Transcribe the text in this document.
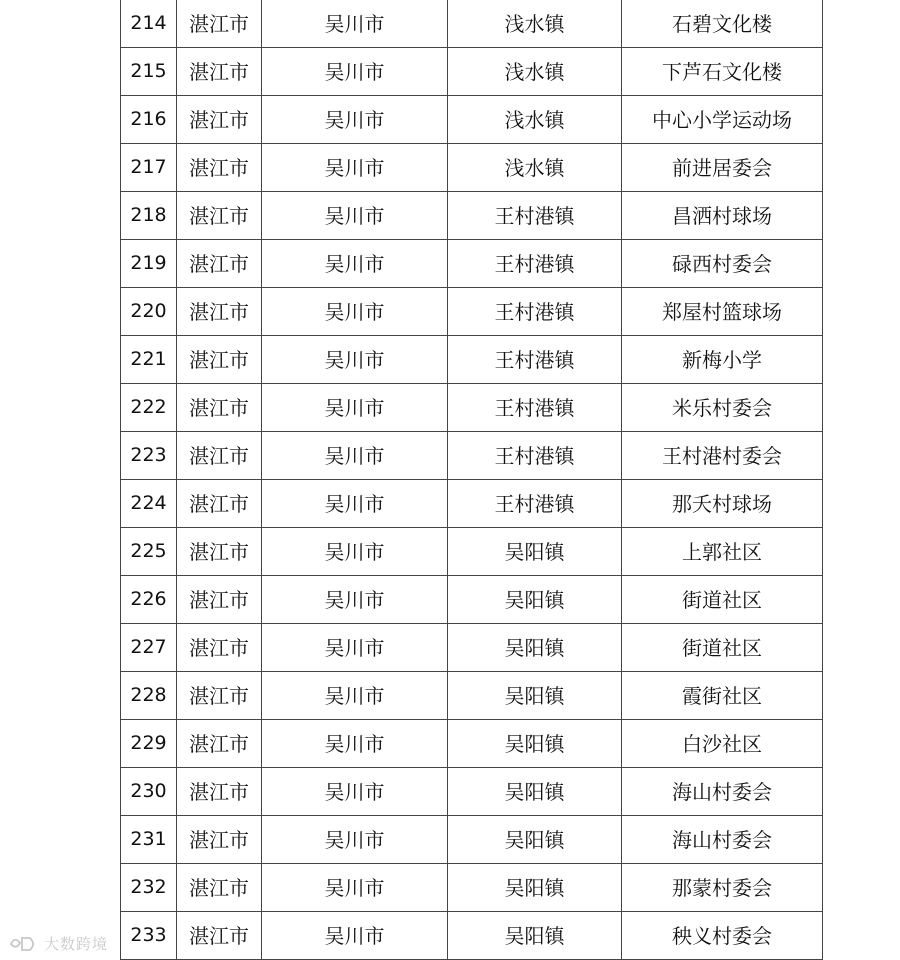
214	湛江市	吴川市	浅水镇	石碧文化楼
215	湛江市	吴川市	浅水镇	下芦石文化楼
216	湛江市	吴川市	浅水镇	中心小学运动场
217	湛江市	吴川市	浅水镇	前进居委会
218	湛江市	吴川市	王村港镇	昌洒村球场
219	湛江市	吴川市	王村港镇	碌西村委会
220	湛江市	吴川市	王村港镇	郑屋村篮球场
221	湛江市	吴川市	王村港镇	新梅小学
222	湛江市	吴川市	王村港镇	米乐村委会
223	湛江市	吴川市	王村港镇	王村港村委会
224	湛江市	吴川市	王村港镇	那夭村球场
225	湛江市	吴川市	吴阳镇	上郭社区
226	湛江市	吴川市	吴阳镇	街道社区
227	湛江市	吴川市	吴阳镇	街道社区
228	湛江市	吴川市	吴阳镇	霞街社区
229	湛江市	吴川市	吴阳镇	白沙社区
230	湛江市	吴川市	吴阳镇	海山村委会
231	湛江市	吴川市	吴阳镇	海山村委会
232	湛江市	吴川市	吴阳镇	那蒙村委会
233	湛江市	吴川市	吴阳镇	秧义村委会
大数跨境
